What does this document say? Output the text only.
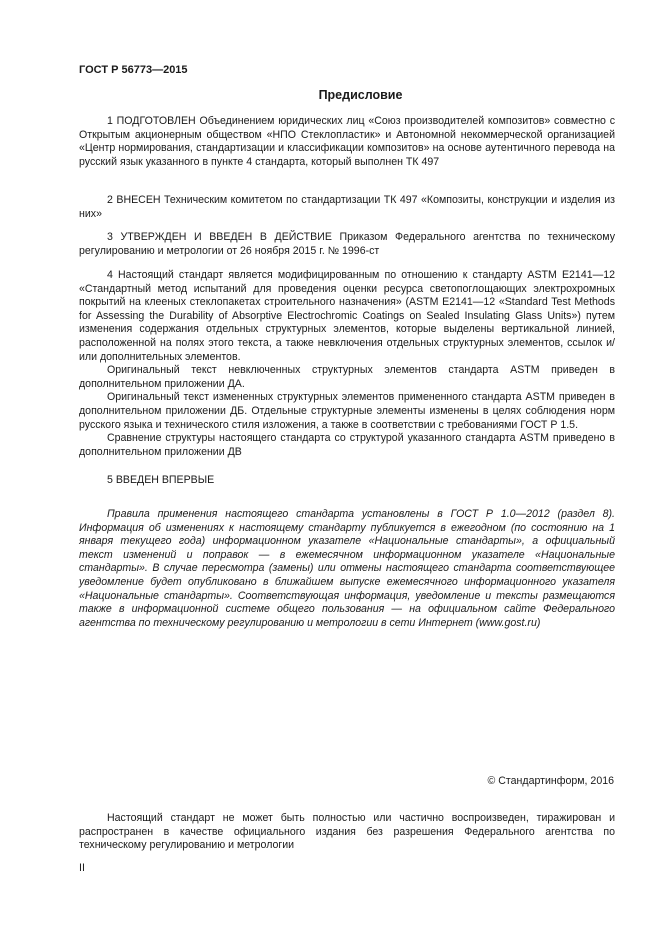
ГОСТ Р 56773—2015
Предисловие

1 ПОДГОТОВЛЕН Объединением юридических лиц «Союз производителей композитов» совместно с Открытым акционерным обществом «НПО Стеклопластик» и Автономной некоммерческой организацией «Центр нормирования, стандартизации и классификации композитов» на основе аутентичного перевода на русский язык указанного в пункте 4 стандарта, который выполнен ТК 497

2 ВНЕСЕН Техническим комитетом по стандартизации ТК 497 «Композиты, конструкции и изделия из них»

3 УТВЕРЖДЕН И ВВЕДЕН В ДЕЙСТВИЕ Приказом Федерального агентства по техническому регулированию и метрологии от 26 ноября 2015 г. № 1996-ст

4 Настоящий стандарт является модифицированным по отношению к стандарту ASTM E2141—12 «Стандартный метод испытаний для проведения оценки ресурса светопоглощающих электрохромных покрытий на клееных стеклопакетах строительного назначения» (ASTM E2141—12 «Standard Test Methods for Assessing the Durability of Absorptive Electrochromic Coatings on Sealed Insulating Glass Units») путем изменения содержания отдельных структурных элементов, которые выделены вертикальной линией, расположенной на полях этого текста, а также невключения отдельных структурных элементов, ссылок и/или дополнительных элементов.

Оригинальный текст невключенных структурных элементов стандарта ASTM приведен в дополнительном приложении ДА.

Оригинальный текст измененных структурных элементов примененного стандарта ASTM приведен в дополнительном приложении ДБ. Отдельные структурные элементы изменены в целях соблюдения норм русского языка и технического стиля изложения, а также в соответствии с требованиями ГОСТ Р 1.5.

Сравнение структуры настоящего стандарта со структурой указанного стандарта ASTM приведено в дополнительном приложении ДВ

5 ВВЕДЕН ВПЕРВЫЕ

Правила применения настоящего стандарта установлены в ГОСТ Р 1.0—2012 (раздел 8). Информация об изменениях к настоящему стандарту публикуется в ежегодном (по состоянию на 1 января текущего года) информационном указателе «Национальные стандарты», а официальный текст изменений и поправок — в ежемесячном информационном указателе «Национальные стандарты». В случае пересмотра (замены) или отмены настоящего стандарта соответствующее уведомление будет опубликовано в ближайшем выпуске ежемесячного информационного указателя «Национальные стандарты». Соответствующая информация, уведомление и тексты размещаются также в информационной системе общего пользования — на официальном сайте Федерального агентства по техническому регулированию и метрологии в сети Интернет (www.gost.ru)

© Стандартинформ, 2016

Настоящий стандарт не может быть полностью или частично воспроизведен, тиражирован и распространен в качестве официального издания без разрешения Федерального агентства по техническому регулированию и метрологии

II
